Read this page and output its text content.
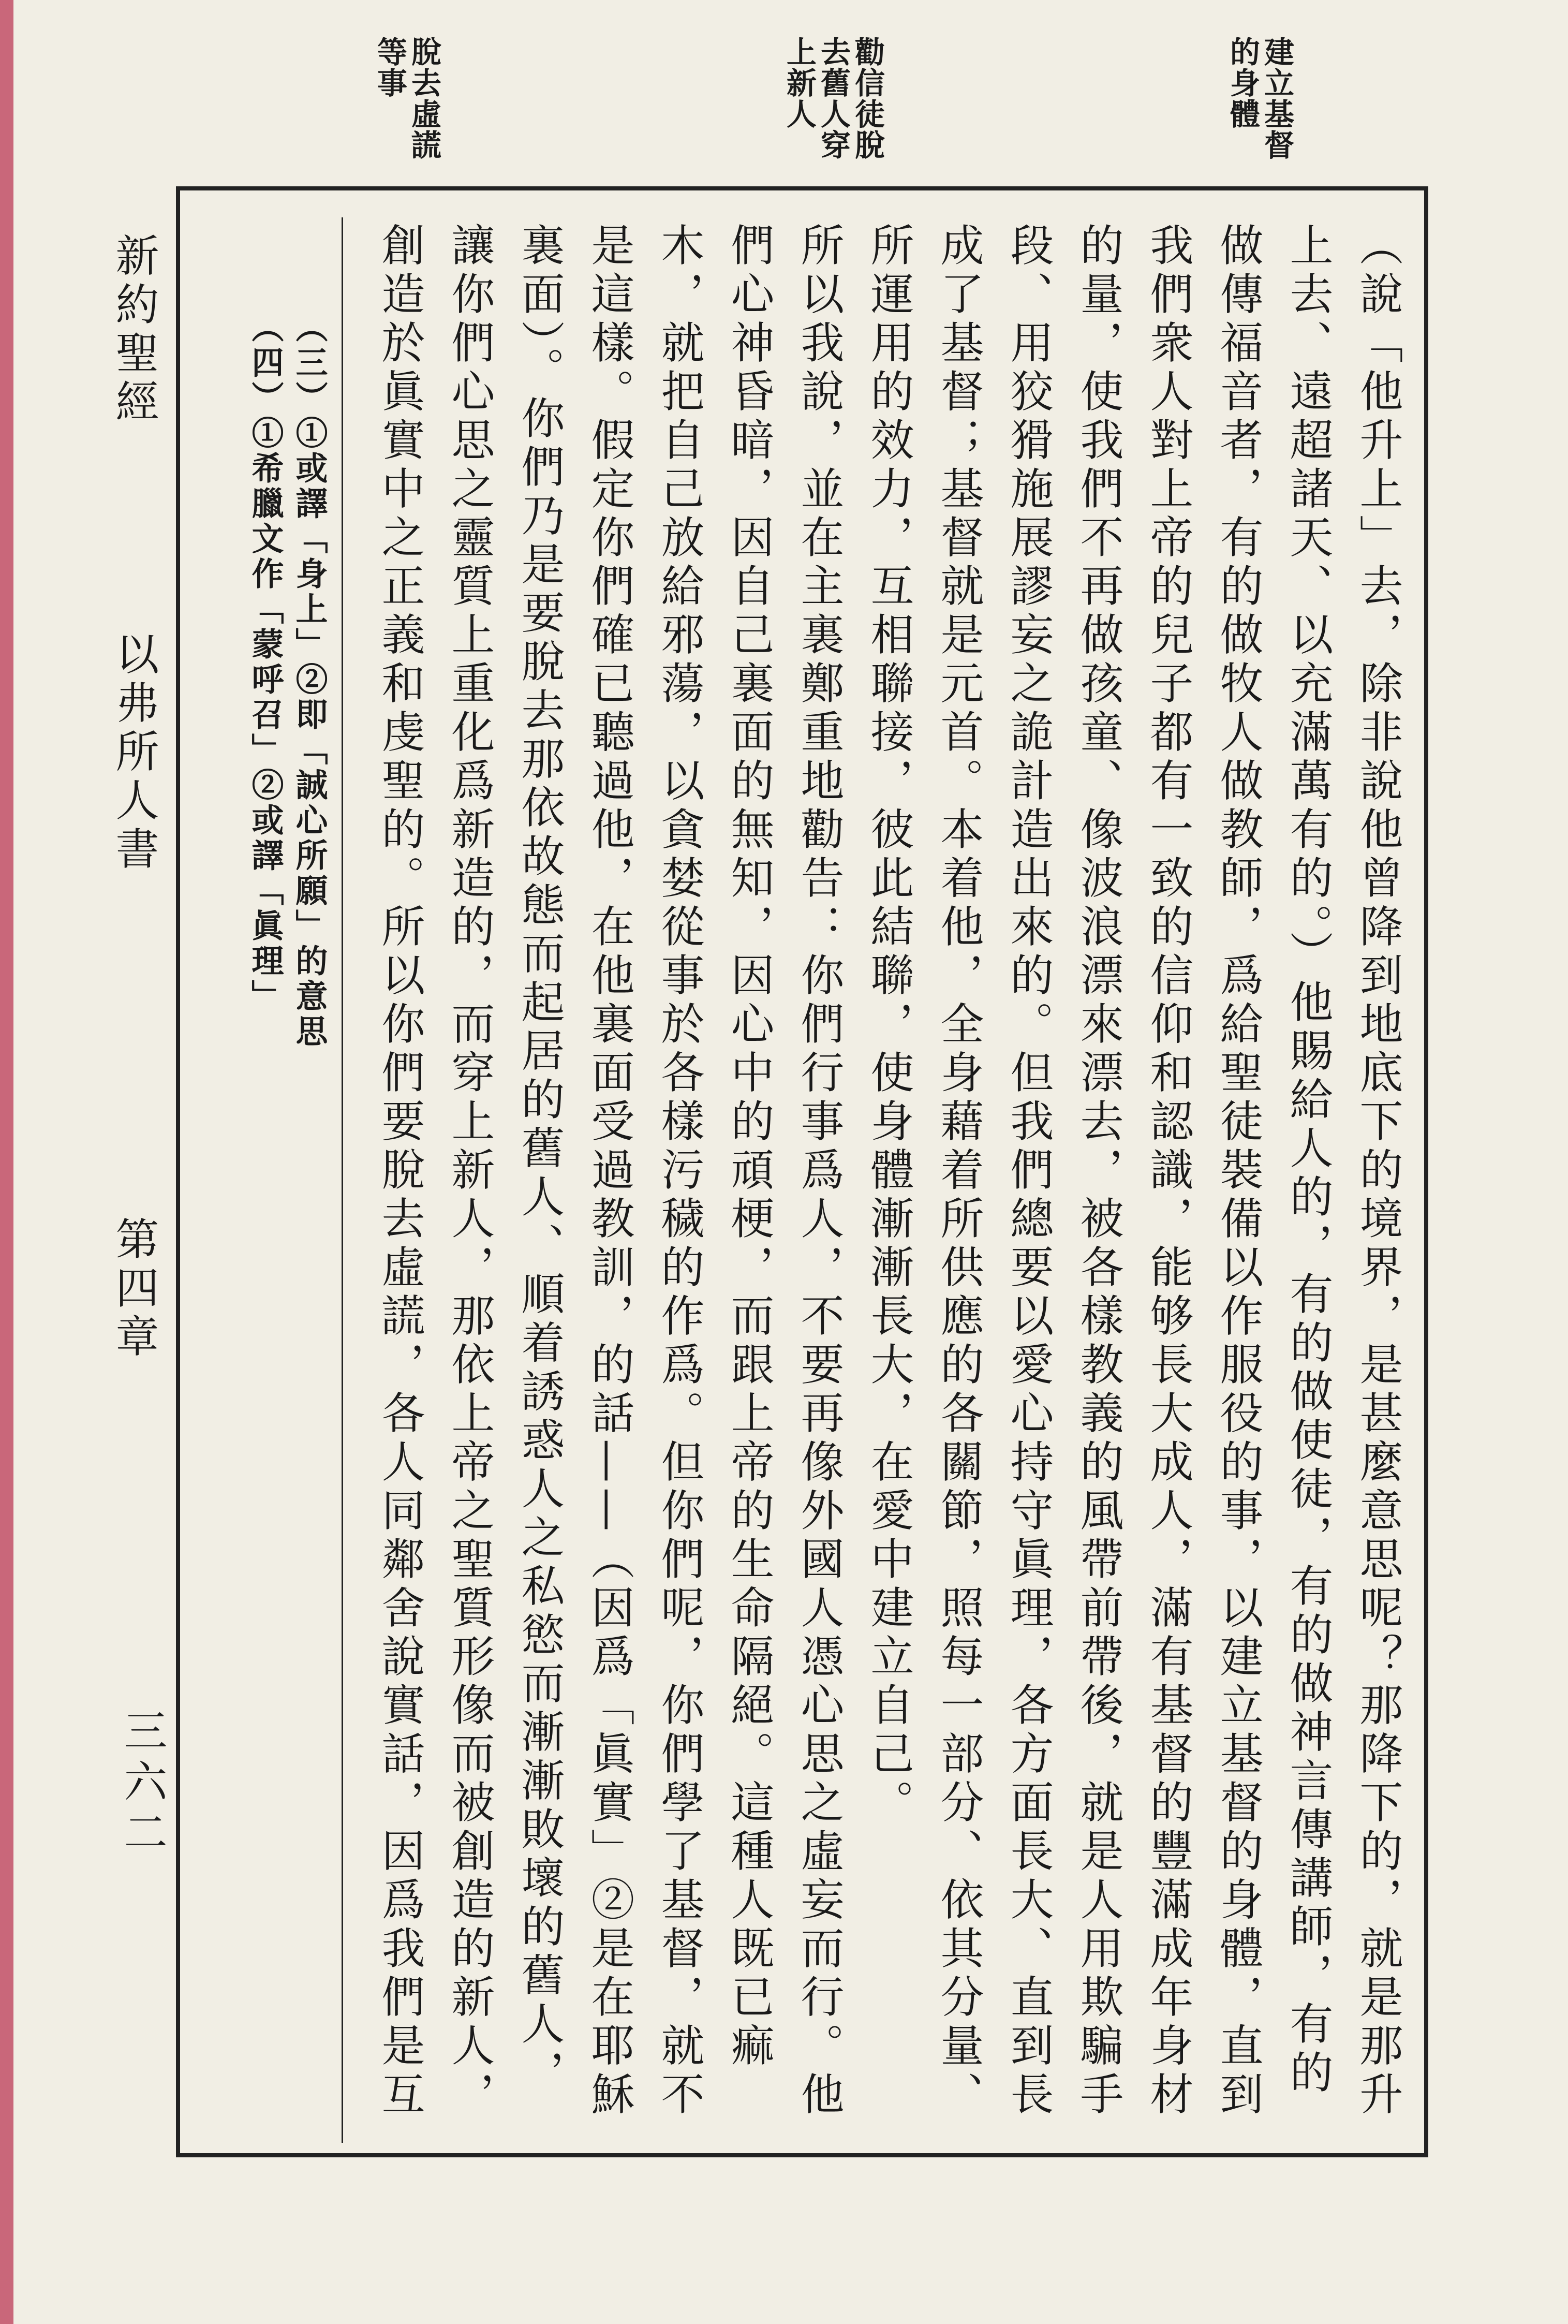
建立基督的身體
勸信徒脫去舊人穿上新人
脫去虛謊等事

（說「他升上」去，除非說他曾降到地底下的境界，是甚麼意思呢？那降下的，就是那升上去、遠超諸天、以充滿萬有的。）他賜給人的，有的做使徒，有的做神言傳講師，有的做傳福音者，有的做牧人做教師，爲給聖徒裝備以作服役的事，以建立基督的身體，直到我們衆人對上帝的兒子都有一致的信仰和認識，能够長大成人，滿有基督的豐滿成年身材的量，使我們不再做孩童、像波浪漂來漂去，被各樣教義的風帶前帶後，就是人用欺騙手段、用狡猾施展謬妄之詭計造出來的。但我們總要以愛心持守眞理，各方面長大、直到長成了基督；基督就是元首。本着他，全身藉着所供應的各關節，照每一部分、依其分量、所運用的效力，互相聯接，彼此結聯，使身體漸漸長大，在愛中建立自己。

所以我說，並在主裏鄭重地勸告：你們行事爲人，不要再像外國人憑心思之虛妄而行。他們心神昏暗，因自己裏面的無知，因心中的頑梗，而跟上帝的生命隔絕。這種人既已痲木，就把自己放給邪蕩，以貪婪從事於各樣污穢的作爲。但你們呢，你們學了基督，就不是這樣。假定你們確已聽過他，在他裏面受過教訓，的話——（因爲「眞實」②是在耶穌裏面）。你們乃是要脫去那依故態而起居的舊人、順着誘惑人之私慾而漸漸敗壞的舊人，讓你們心思之靈質上重化爲新造的，而穿上新人，那依上帝之聖質形像而被創造的新人，創造於眞實中之正義和虔聖的。所以你們要脫去虛謊，各人同鄰舍說實話，因爲我們是互

（三）①或譯「身上」②即「誠心所願」的意思

（四）①希臘文作「蒙呼召」②或譯「眞理」

新約聖經
以弗所人書
第四章
三六二
